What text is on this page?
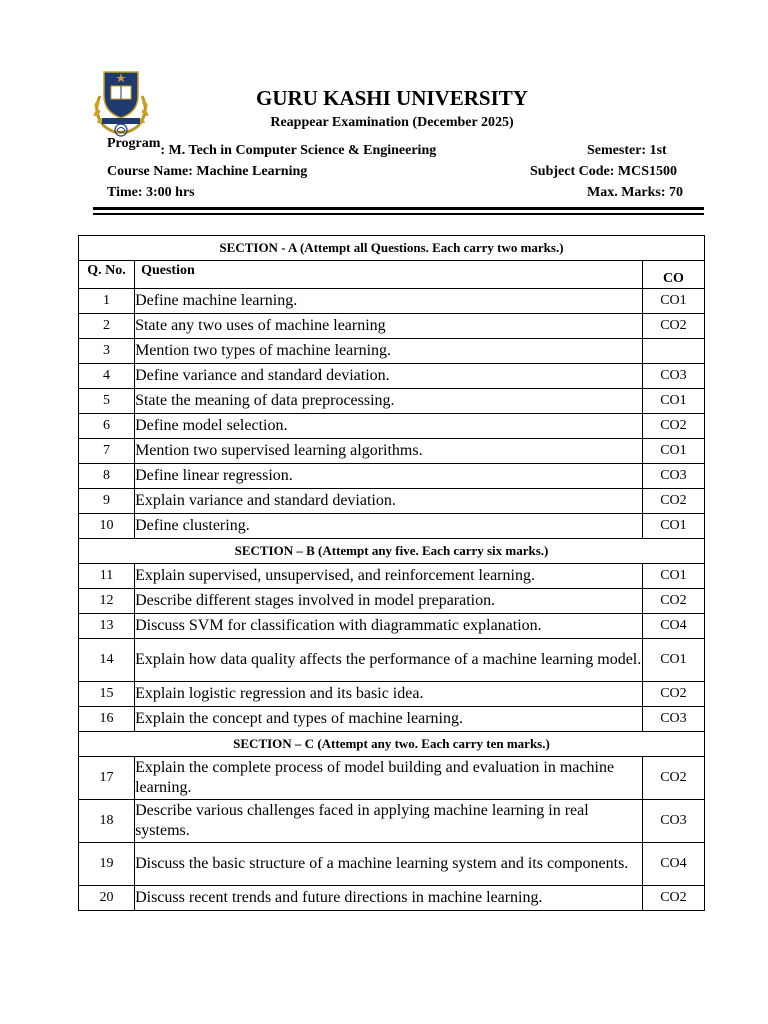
GURU KASHI UNIVERSITY
Reappear Examination (December 2025)
Program: M. Tech in Computer Science & Engineering	Semester: 1st
Course Name: Machine Learning	Subject Code: MCS1500
Time: 3:00 hrs	Max. Marks: 70
SECTION - A (Attempt all Questions. Each carry two marks.)		
Q. No.	Question	CO
1	Define machine learning.	CO1
2	State any two uses of machine learning	CO2
3	Mention two types of machine learning.	
4	Define variance and standard deviation.	CO3
5	State the meaning of data preprocessing.	CO1
6	Define model selection.	CO2
7	Mention two supervised learning algorithms.	CO1
8	Define linear regression.	CO3
9	Explain variance and standard deviation.	CO2
10	Define clustering.	CO1
SECTION – B (Attempt any five. Each carry six marks.)		
11	Explain supervised, unsupervised, and reinforcement learning.	CO1
12	Describe different stages involved in model preparation.	CO2
13	Discuss SVM for classification with diagrammatic explanation.	CO4
14	Explain how data quality affects the performance of a machine learning model.	CO1
15	Explain logistic regression and its basic idea.	CO2
16	Explain the concept and types of machine learning.	CO3
SECTION – C (Attempt any two. Each carry ten marks.)		
17	Explain the complete process of model building and evaluation in machine learning.	CO2
18	Describe various challenges faced in applying machine learning in real systems.	CO3
19	Discuss the basic structure of a machine learning system and its components.	CO4
20	Discuss recent trends and future directions in machine learning.	CO2
